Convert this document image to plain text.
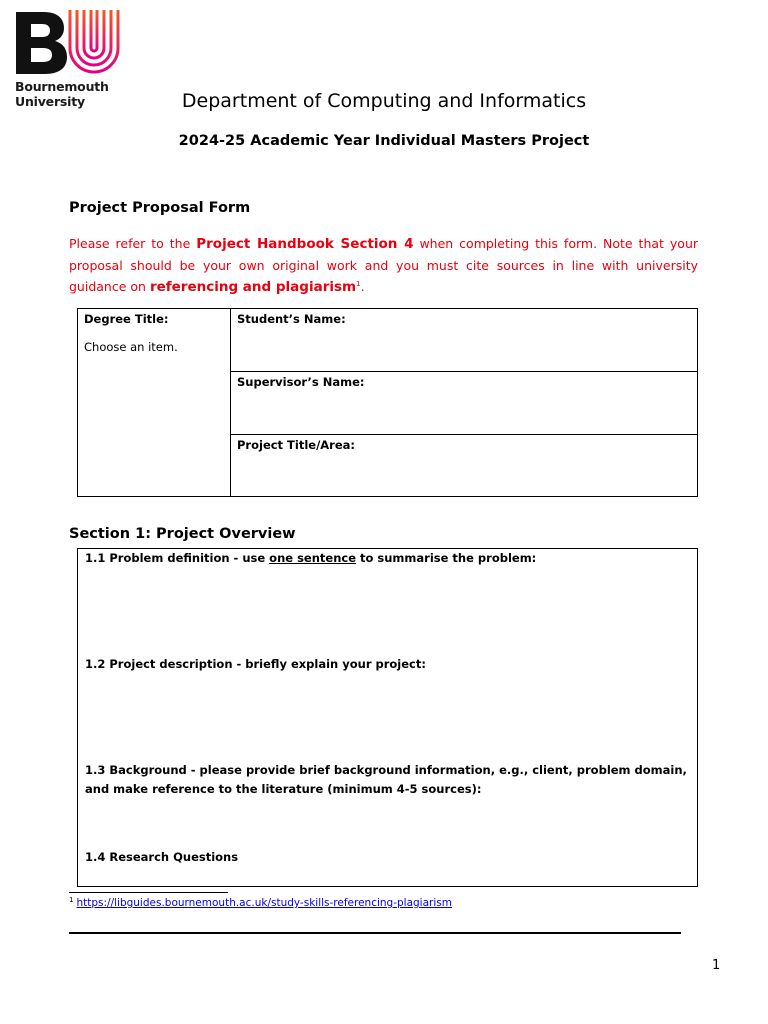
Bournemouth
University	Department of Computing and Informatics
2024-25 Academic Year Individual Masters Project
Project Proposal Form
Please refer to the Project Handbook Section 4 when completing this form. Note that your proposal should be your own original work and you must cite sources in line with university guidance on referencing and plagiarism$^1$.
Degree Title:
Choose an item.

Student’s Name:

Supervisor’s Name:

Project Title/Area:
Section 1: Project Overview
1.1 Problem definition - use one sentence to summarise the problem:
1.2 Project description - briefly explain your project:
1.3 Background - please provide brief background information, e.g., client, problem domain, and make reference to the literature (minimum 4-5 sources):
1.4 Research Questions
$^1$ https://libguides.bournemouth.ac.uk/study-skills-referencing-plagiarism
1
